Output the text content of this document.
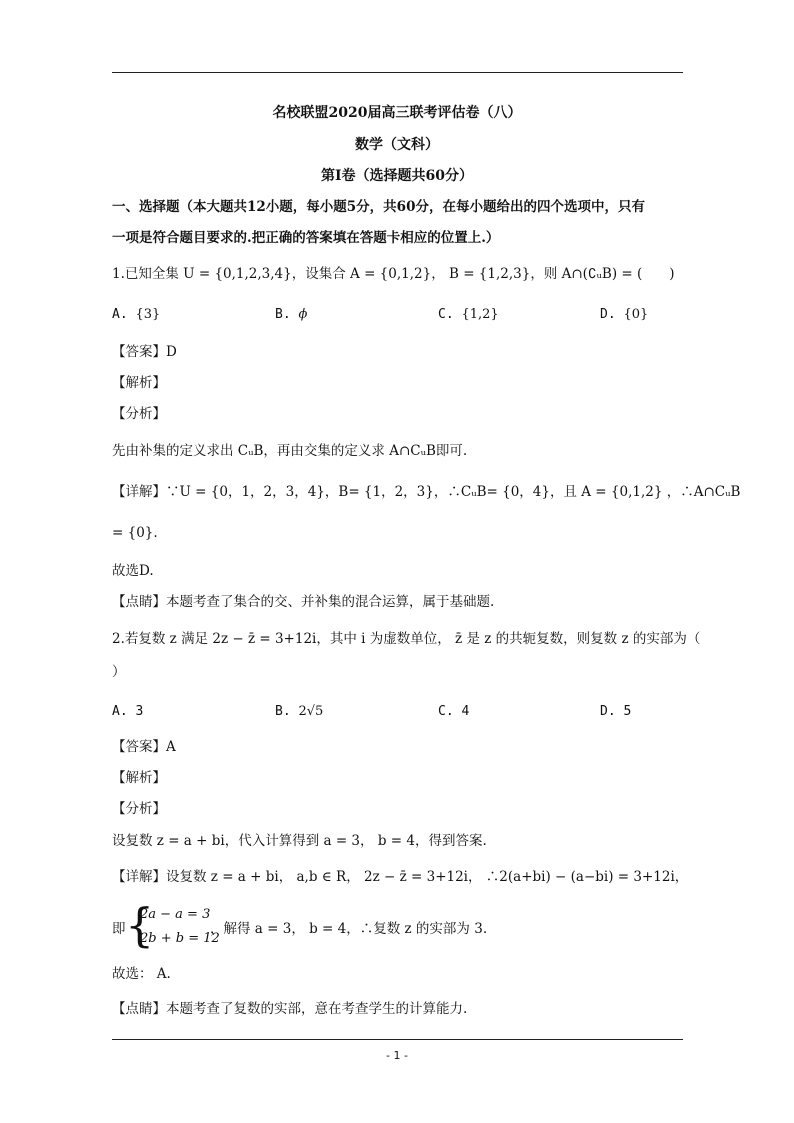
名校联盟2020届高三联考评估卷（八）
数学（文科）
第Ⅰ卷（选择题共60分）
一、选择题（本大题共12小题，每小题5分，共60分，在每小题给出的四个选项中，只有
一项是符合题目要求的.把正确的答案填在答题卡相应的位置上.）
1.已知全集 U = {0,1,2,3,4}，设集合 A = {0,1,2}， B = {1,2,3}，则 A∩(∁ᵤB) = (　　)
A. {3}	B. ϕ	C. {1,2}	D. {0}
【答案】D
【解析】
【分析】
先由补集的定义求出 CᵤB，再由交集的定义求 A∩CᵤB即可.
【详解】∵U = {0，1，2，3，4}，B= {1，2，3}，∴CᵤB= {0，4}，且 A = {0,1,2} ，∴A∩CᵤB
= {0}.
故选D.
【点睛】本题考查了集合的交、并补集的混合运算，属于基础题.
2.若复数 z 满足 2z − z̄ = 3+12i，其中 i 为虚数单位， z̄ 是 z 的共轭复数，则复数 z 的实部为（
）
A. 3	B. 2√5	C. 4	D. 5
【答案】A
【解析】
【分析】
设复数 z = a + bi，代入计算得到 a = 3， b = 4，得到答案.
【详解】设复数 z = a + bi， a,b ∈ R， 2z − z̄ = 3+12i， ∴2(a+bi) − (a−bi) = 3+12i，
即 {
2a − a = 3
2b + b = 12
，解得 a = 3， b = 4，∴复数 z 的实部为 3.
故选： A.
【点睛】本题考查了复数的实部，意在考查学生的计算能力.
- 1 -
